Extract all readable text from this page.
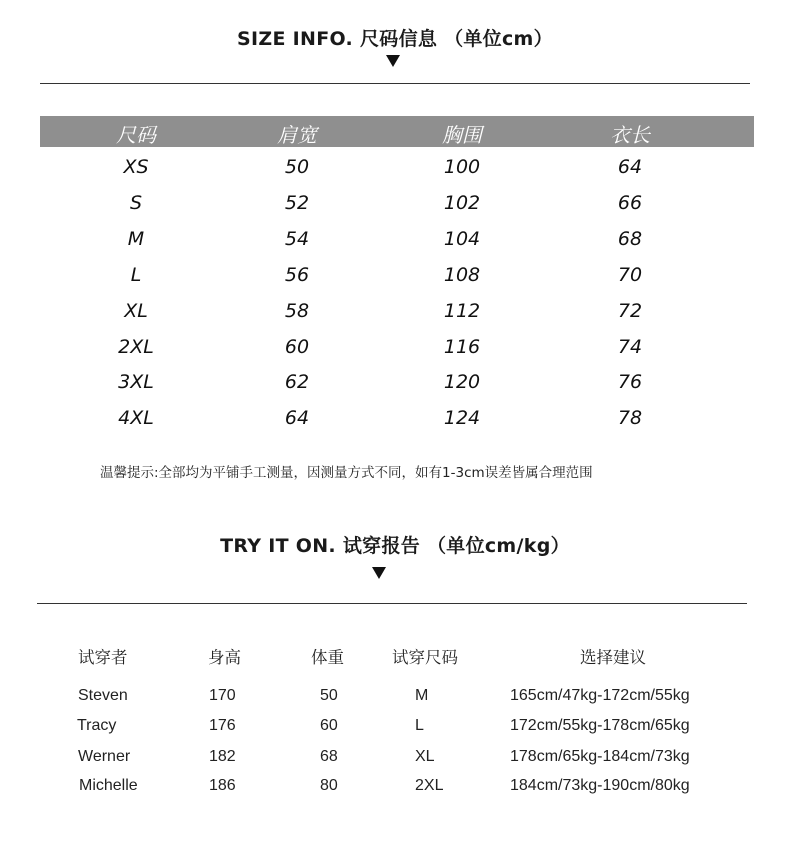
SIZE INFO. 尺码信息 （单位cm）
尺码	肩宽	胸围	衣长
XS	50	100	64
S	52	102	66
M	54	104	68
L	56	108	70
XL	58	112	72
2XL	60	116	74
3XL	62	120	76
4XL	64	124	78
温馨提示:全部均为平铺手工测量，因测量方式不同，如有1-3cm误差皆属合理范围
TRY IT ON. 试穿报告 （单位cm/kg）
试穿者	身高	体重	试穿尺码	选择建议
Steven	170	50	M	165cm/47kg-172cm/55kg
Tracy	176	60	L	172cm/55kg-178cm/65kg
Werner	182	68	XL	178cm/65kg-184cm/73kg
Michelle	186	80	2XL	184cm/73kg-190cm/80kg
